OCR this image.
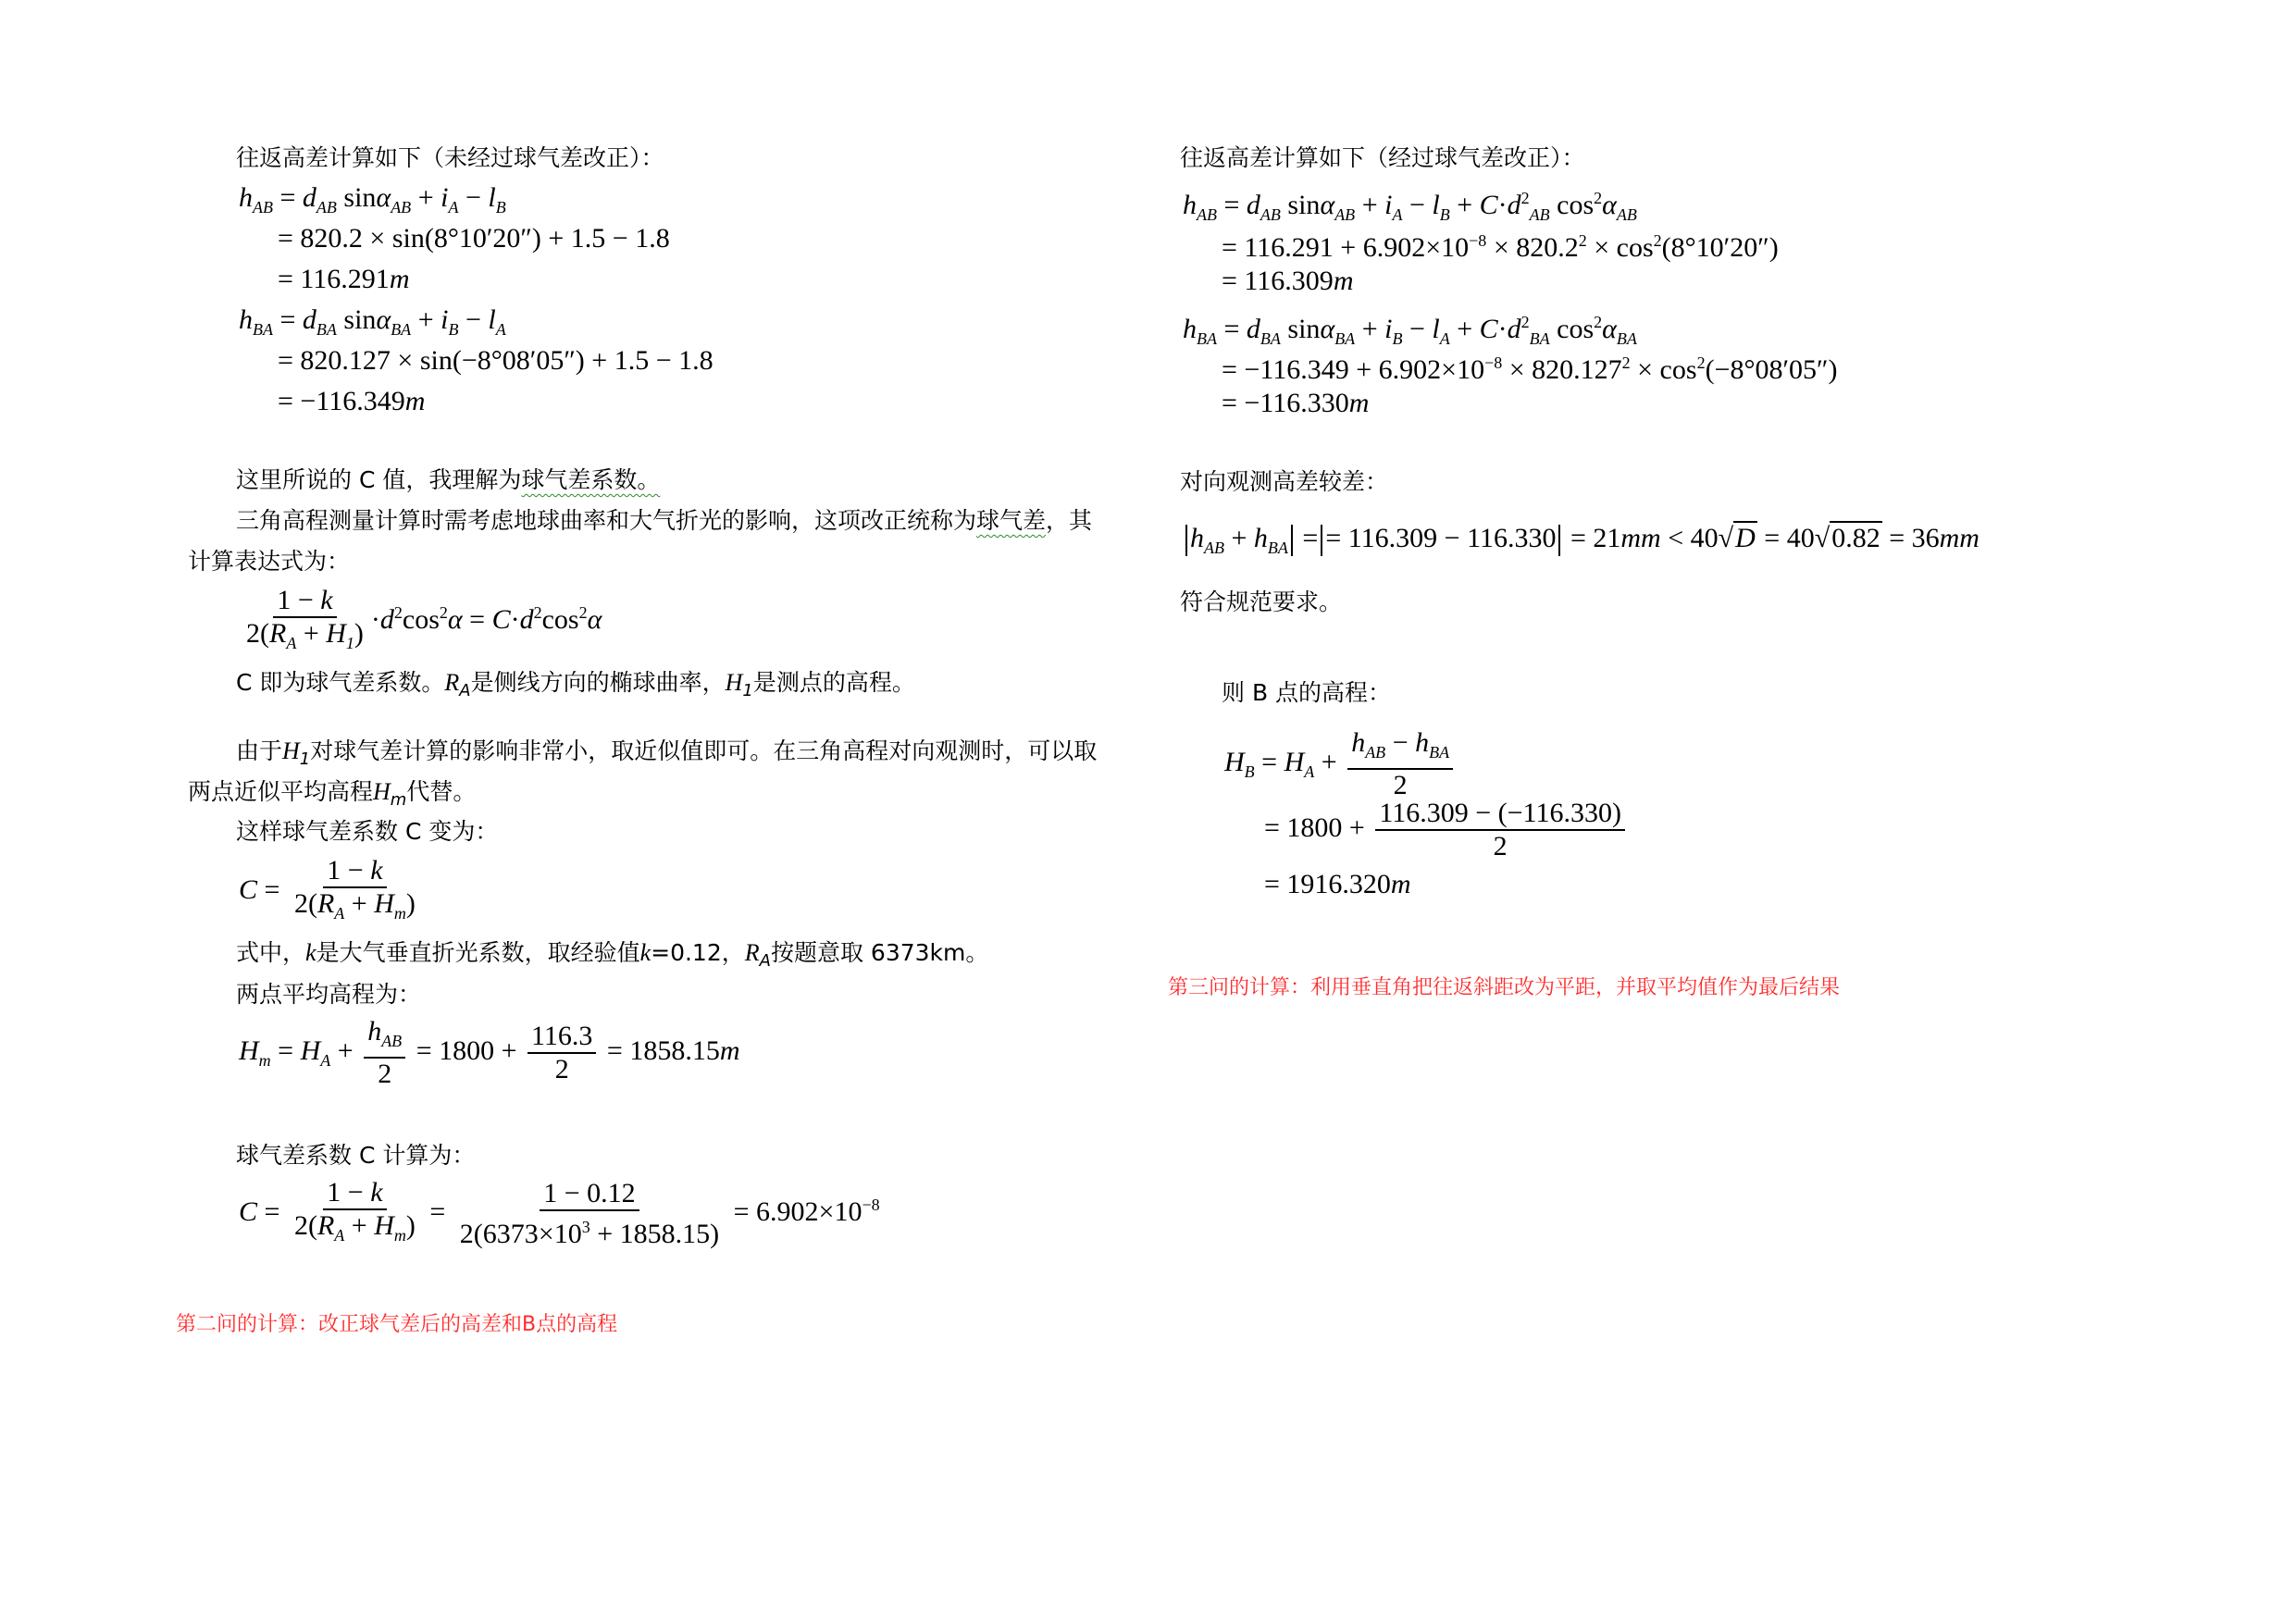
往返高差计算如下（未经过球气差改正）：
$h_{AB} = d_{AB}$ $\sin\alpha_{AB} + i_A - l_B$
= 820.2 × sin(8°10′20″) + 1.5 − 1.8
= 116.291m
$h_{BA} = d_{BA}$ $\sin\alpha_{BA} + i_B - l_A$
= 820.127 × sin(−8°08′05″) + 1.5 − 1.8
= −116.349m
这里所说的 C 值，我理解为球气差系数。
三角高程测量计算时需考虑地球曲率和大气折光的影响，这项改正统称为球气差，其
计算表达式为：
$\frac{1 - k}{2(R_A + H_1)} \cdot d^2\cos^2\alpha = C\cdot d^2\cos^2\alpha$
C 即为球气差系数。$R_A$是侧线方向的椭球曲率，$H_1$是测点的高程。
由于$H_1$对球气差计算的影响非常小，取近似值即可。在三角高程对向观测时，可以取
两点近似平均高程$H_m$代替。
这样球气差系数 C 变为：
$C = \frac{1 - k}{2(R_A + H_m)}$
式中，k是大气垂直折光系数，取经验值k=0.12，$R_A$按题意取 6373km。
两点平均高程为：
$H_m = H_A + \frac{h_{AB}}{2} = 1800 + \frac{116.3}{2} = 1858.15m$
球气差系数 C 计算为：
$C = \frac{1 - k}{2(R_A + H_m)} = \frac{1 - 0.12}{2(6373\times 10^3 + 1858.15)} = 6.902\times 10^{-8}$
第二问的计算：改正球气差后的高差和B点的高程
往返高差计算如下（经过球气差改正）：
$h_{AB} = d_{AB}$ $\sin\alpha_{AB} + i_A - l_B + C\cdot d^2_{AB}$ $\cos^2\alpha_{AB}$
= $116.291 + 6.902\times 10^{-8} \times 820.2^2 \times \cos^2(8^\circ 10'20'')$
= 116.309m
$h_{BA} = d_{BA}$ $\sin\alpha_{BA} + i_B - l_A + C\cdot d^2_{BA}$ $\cos^2\alpha_{BA}$
= $-116.349 + 6.902\times 10^{-8} \times 820.127^2 \times \cos^2(-8^\circ 08'05'')$
= −116.330m
对向观测高差较差：
$h_{AB} + h_{BA}$ = = 116.309 − 116.330 = 21mm < 40√D = 40√0.82 = 36mm
符合规范要求。
则 B 点的高程：
$H_B = H_A + \frac{h_{AB} - h_{BA}}{2}$
= $1800 + \frac{116.309 - (-116.330)}{2}$
= 1916.320m
第三问的计算：利用垂直角把往返斜距改为平距，并取平均值作为最后结果
